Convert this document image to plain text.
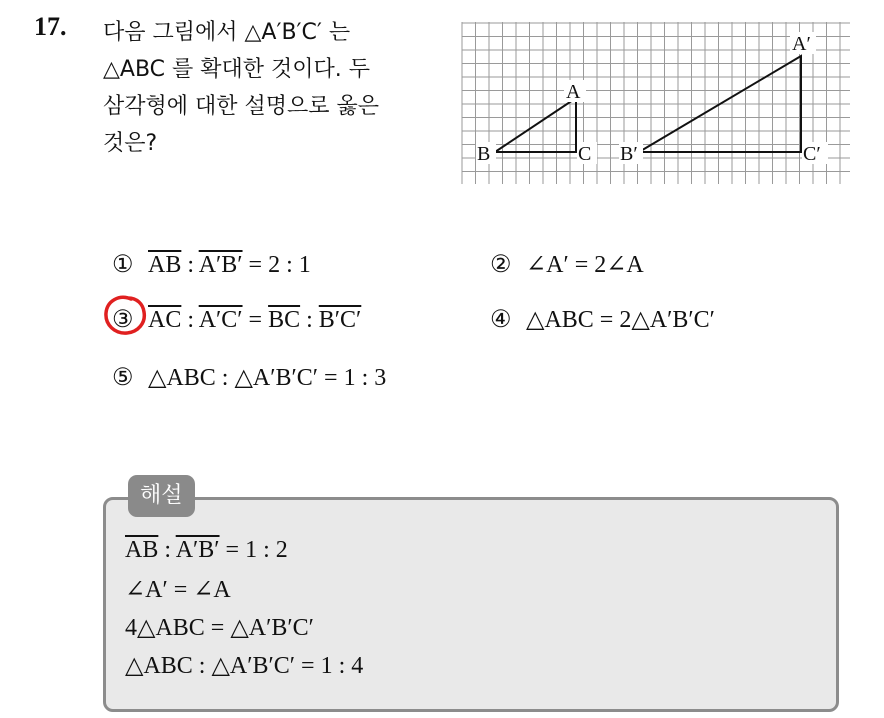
17. 다음 그림에서 △A′B′C′ 는
△ABC 를 확대한 것이다. 두
삼각형에 대한 설명으로 옳은
것은?
A
B	C
A′
B′	C′
① $\overline{AB}$ : A′B′ = 2 : 1	② ∠A′ = 2∠A
③ $\overline{AC}$ : $A'C' = \overline{BC}$ : B′C′	④ △ABC = 2△A′B′C′
⑤ △ABC : △A′B′C′ = 1 : 3
해설
$\overline{AB}$ : A′B′ = 1 : 2
∠A′ = ∠A
4△ABC = △A′B′C′
△ABC : △A′B′C′ = 1 : 4
